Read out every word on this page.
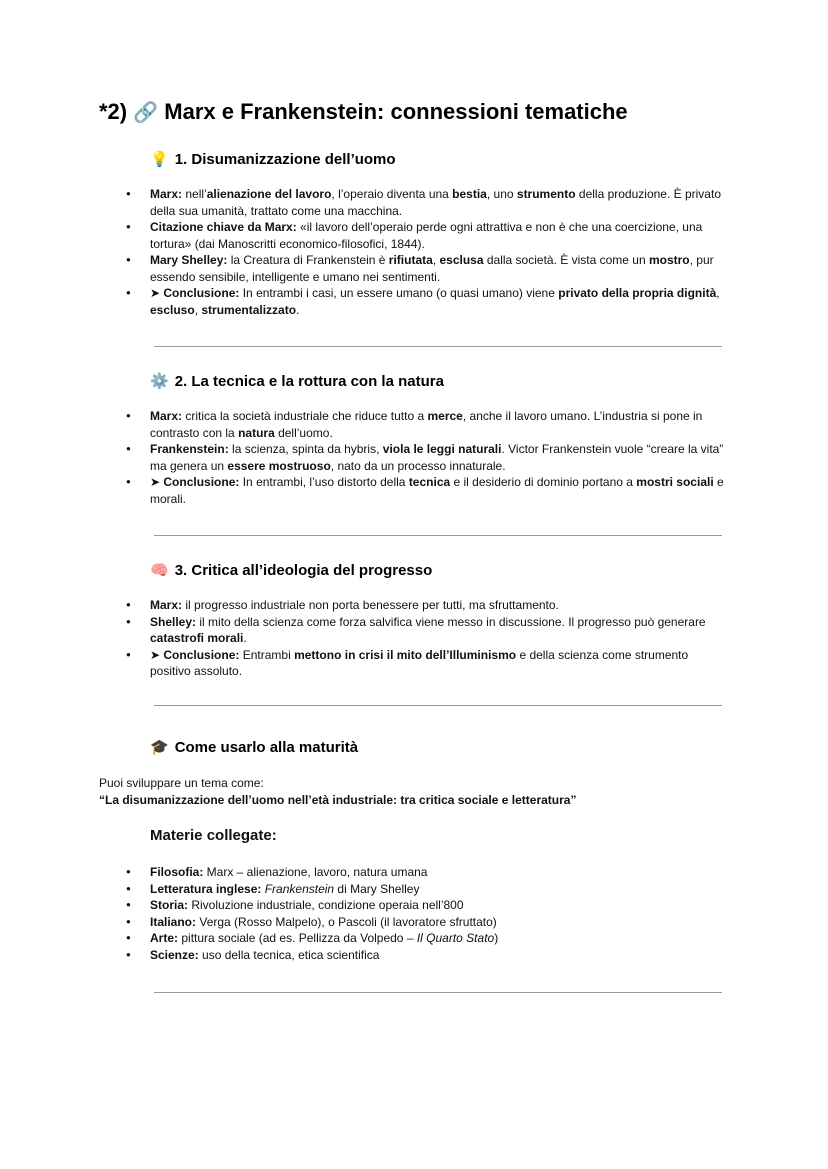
*2) 🔗 Marx e Frankenstein: connessioni tematiche
💡 1. Disumanizzazione dell’uomo
● Marx: nell’alienazione del lavoro, l’operaio diventa una bestia, uno strumento della produzione. È privato della sua umanità, trattato come una macchina.
● Citazione chiave da Marx: «il lavoro dell’operaio perde ogni attrattiva e non è che una coercizione, una tortura» (dai Manoscritti economico-filosofici, 1844).
● Mary Shelley: la Creatura di Frankenstein è rifiutata, esclusa dalla società. È vista come un mostro, pur essendo sensibile, intelligente e umano nei sentimenti.
● ➤ Conclusione: In entrambi i casi, un essere umano (o quasi umano) viene privato della propria dignità, escluso, strumentalizzato.
⚙️ 2. La tecnica e la rottura con la natura
● Marx: critica la società industriale che riduce tutto a merce, anche il lavoro umano. L’industria si pone in contrasto con la natura dell’uomo.
● Frankenstein: la scienza, spinta da hybris, viola le leggi naturali. Victor Frankenstein vuole “creare la vita” ma genera un essere mostruoso, nato da un processo innaturale.
● ➤ Conclusione: In entrambi, l’uso distorto della tecnica e il desiderio di dominio portano a mostri sociali e morali.
🧠 3. Critica all’ideologia del progresso
● Marx: il progresso industriale non porta benessere per tutti, ma sfruttamento.
● Shelley: il mito della scienza come forza salvifica viene messo in discussione. Il progresso può generare catastrofi morali.
● ➤ Conclusione: Entrambi mettono in crisi il mito dell’Illuminismo e della scienza come strumento positivo assoluto.
🎓 Come usarlo alla maturità
Puoi sviluppare un tema come:
“La disumanizzazione dell’uomo nell’età industriale: tra critica sociale e letteratura”
Materie collegate:
● Filosofia: Marx – alienazione, lavoro, natura umana
● Letteratura inglese: Frankenstein di Mary Shelley
● Storia: Rivoluzione industriale, condizione operaia nell’800
● Italiano: Verga (Rosso Malpelo), o Pascoli (il lavoratore sfruttato)
● Arte: pittura sociale (ad es. Pellizza da Volpedo – Il Quarto Stato)
● Scienze: uso della tecnica, etica scientifica
